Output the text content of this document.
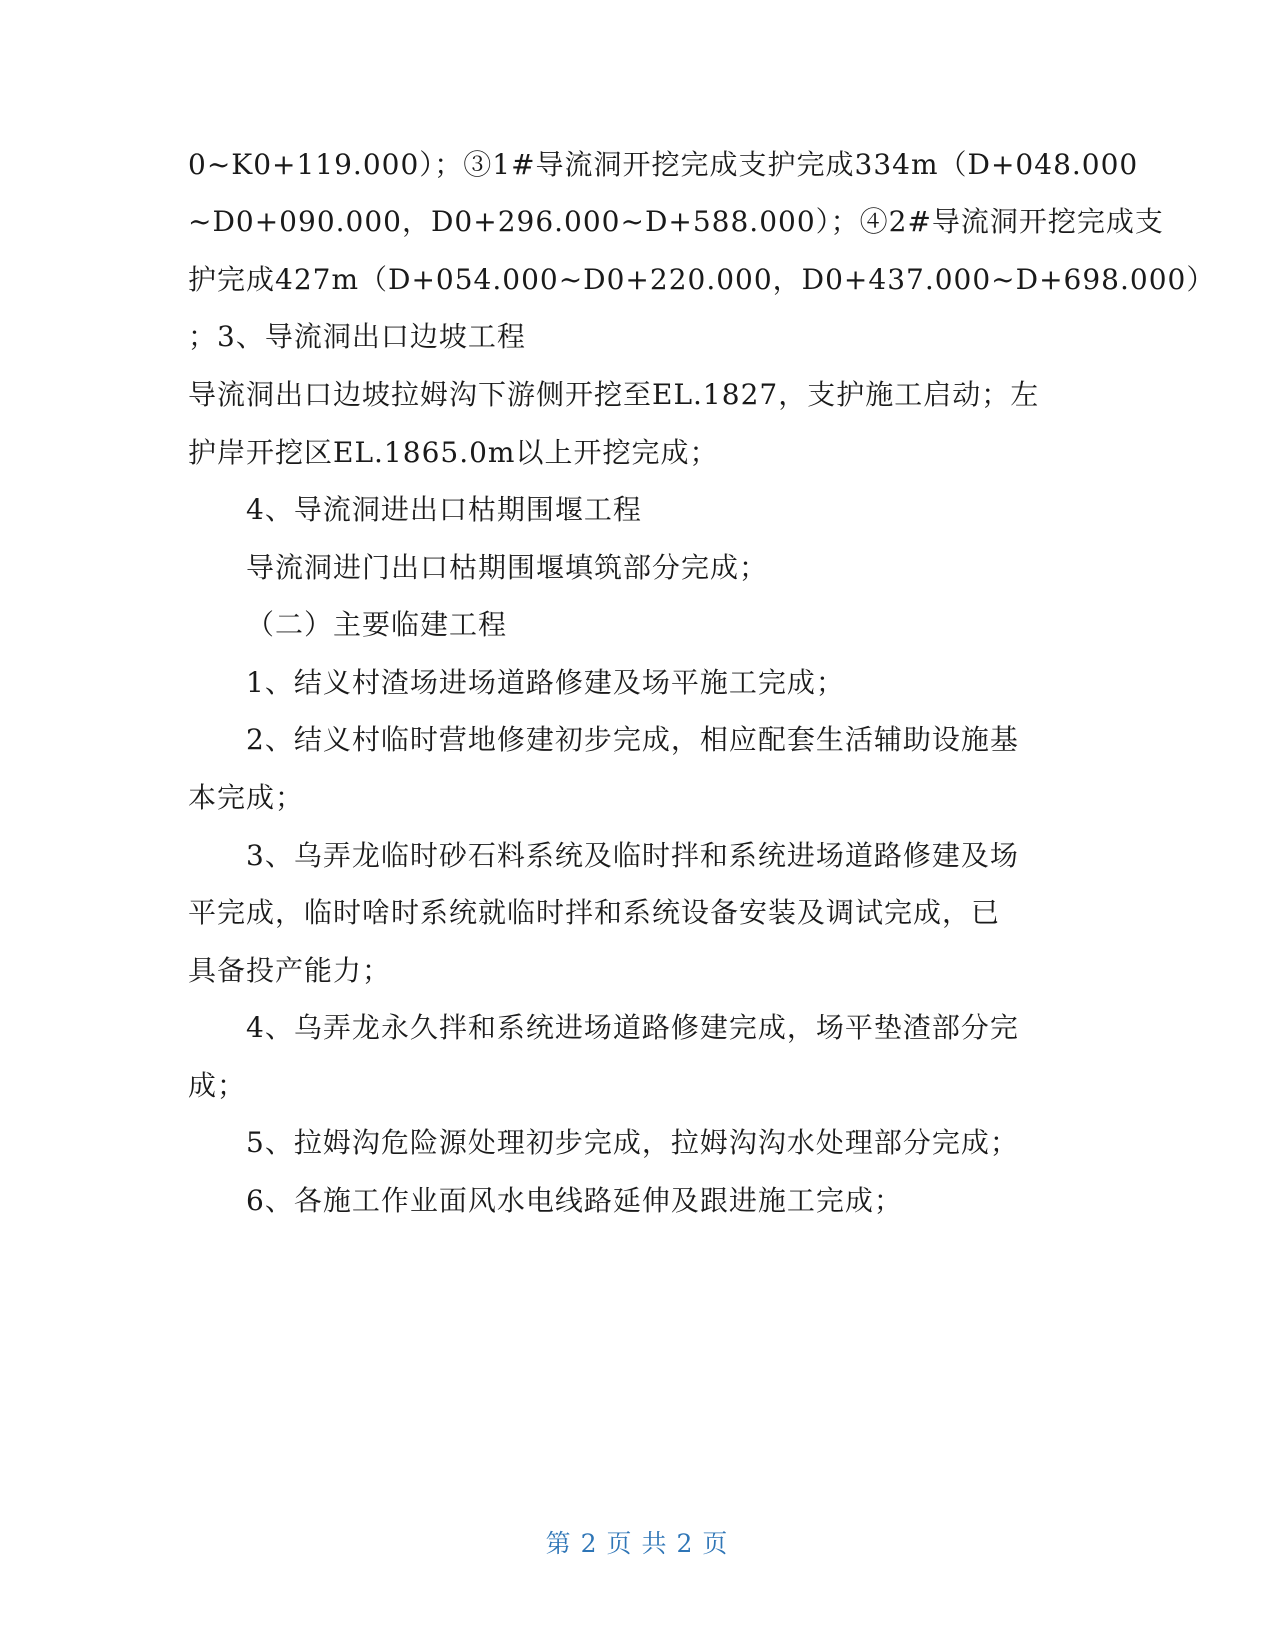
0~K0+119.000）；③1#导流洞开挖完成支护完成334m（D+048.000
~D0+090.000，D0+296.000~D+588.000）；④2#导流洞开挖完成支
护完成427m（D+054.000~D0+220.000，D0+437.000~D+698.000）
；3、导流洞出口边坡工程
导流洞出口边坡拉姆沟下游侧开挖至EL.1827，支护施工启动；左
护岸开挖区EL.1865.0m以上开挖完成；
4、导流洞进出口枯期围堰工程
导流洞进门出口枯期围堰填筑部分完成；
（二）主要临建工程
1、结义村渣场进场道路修建及场平施工完成；
2、结义村临时营地修建初步完成，相应配套生活辅助设施基
本完成；
3、乌弄龙临时砂石料系统及临时拌和系统进场道路修建及场
平完成，临时啥时系统就临时拌和系统设备安装及调试完成，已
具备投产能力；
4、乌弄龙永久拌和系统进场道路修建完成，场平垫渣部分完
成；
5、拉姆沟危险源处理初步完成，拉姆沟沟水处理部分完成；
6、各施工作业面风水电线路延伸及跟进施工完成；
第 2 页 共 2 页
